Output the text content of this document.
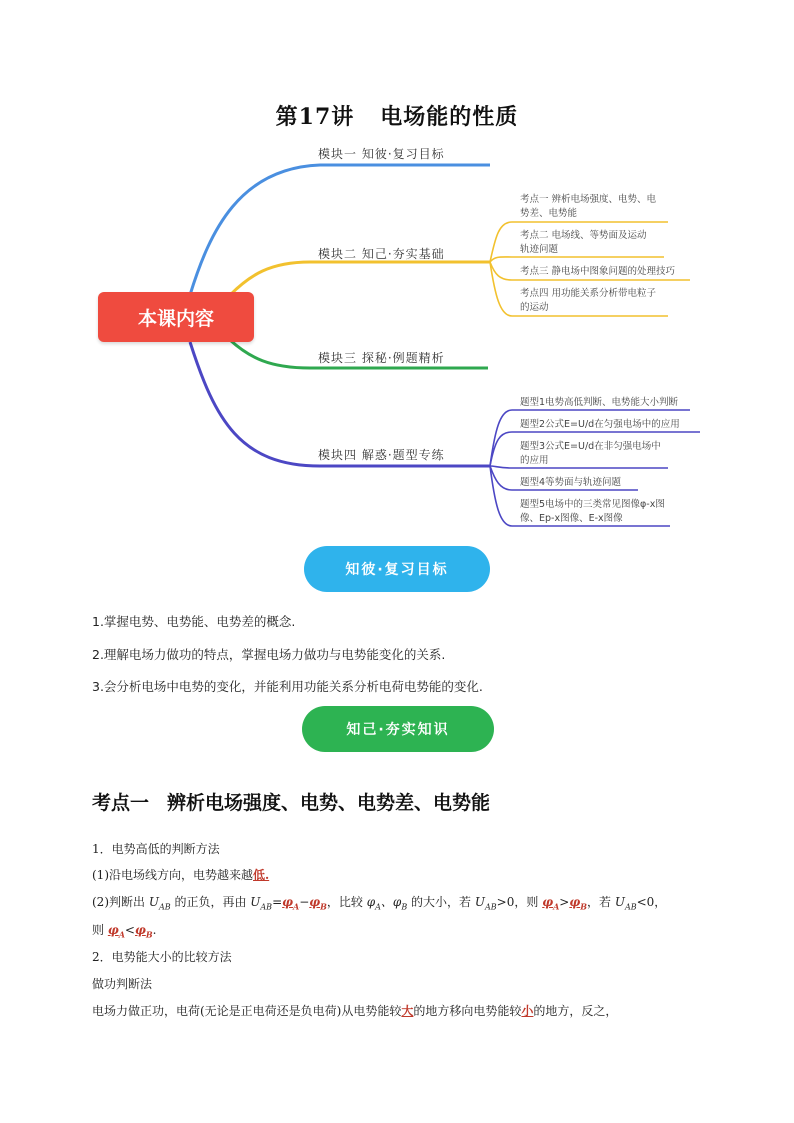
第17讲 电场能的性质
本课内容
模块一 知彼·复习目标
模块二 知己·夯实基础
模块三 探秘·例题精析
模块四 解惑·题型专练
考点一 辨析电场强度、电势、电势差、电势能
考点二 电场线、等势面及运动轨迹问题
考点三 静电场中图象问题的处理技巧
考点四 用功能关系分析带电粒子的运动
题型1电势高低判断、电势能大小判断
题型2公式E=U/d在匀强电场中的应用
题型3公式E=U/d在非匀强电场中的应用
题型4等势面与轨迹问题
题型5电场中的三类常见图像φ-x图像、Ep-x图像、E-x图像
知彼·复习目标
1.掌握电势、电势能、电势差的概念.
2.理解电场力做功的特点，掌握电场力做功与电势能变化的关系.
3.会分析电场中电势的变化，并能利用功能关系分析电荷电势能的变化.
知己·夯实知识
考点一 辨析电场强度、电势、电势差、电势能
1．电势高低的判断方法
(1)沿电场线方向，电势越来越低.
(2)判断出 $U_{AB}$ 的正负，再由 $U_{AB}=\varphi_A-\varphi_B$，比较 $\varphi_A$、$\varphi_B$ 的大小，若 $U_{AB}>0$，则 $\varphi_A>\varphi_B$，若 $U_{AB}<0$，
则 $\varphi_A<\varphi_B$.
2．电势能大小的比较方法
做功判断法
电场力做正功，电荷(无论是正电荷还是负电荷)从电势能较大的地方移向电势能较小的地方，反之，
